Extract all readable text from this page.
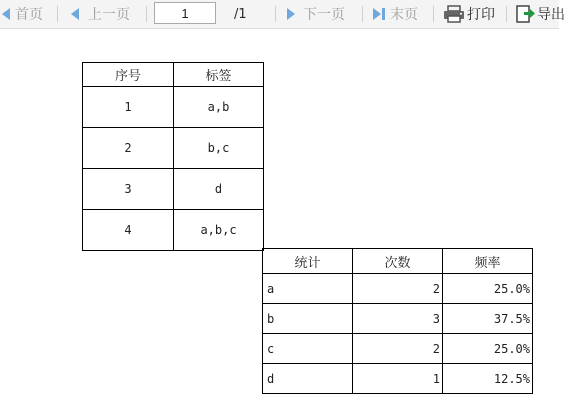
首页	上一页
1	/1	下一页	末页	打印	导出
序号	标签
1	a,b
2	b,c
3	d
4	a,b,c
统计	次数	频率
a	2	25.0%
b	3	37.5%
c	2	25.0%
d	1	12.5%
